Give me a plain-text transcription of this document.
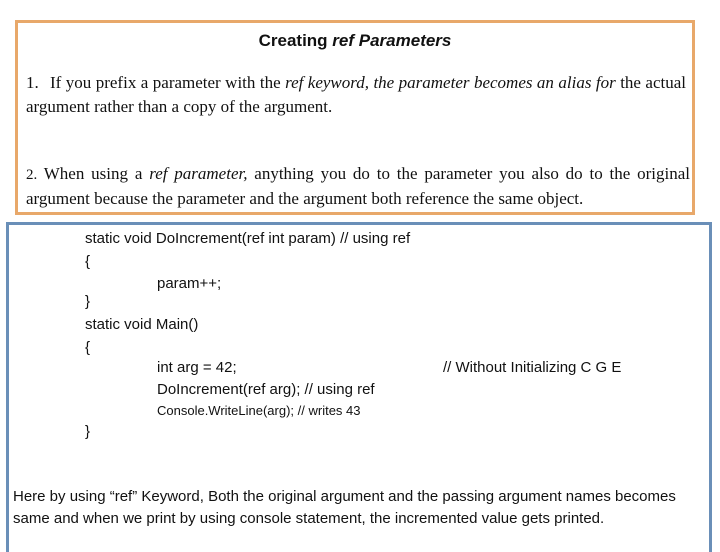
Creating ref Parameters
1. If you prefix a parameter with the ref keyword, the parameter becomes an alias for the actual argument rather than a copy of the argument.
2. When using a ref parameter, anything you do to the parameter you also do to the original argument because the parameter and the argument both reference the same object.
static void DoIncrement(ref int param) // using ref
{
param++;
}
static void Main()
{
int arg = 42;	// Without Initializing C G E
DoIncrement(ref arg); // using ref
Console.WriteLine(arg); // writes 43
}
Here by using “ref” Keyword, Both the original argument and the passing argument names becomes same and when we print by using console statement, the incremented value gets printed.
